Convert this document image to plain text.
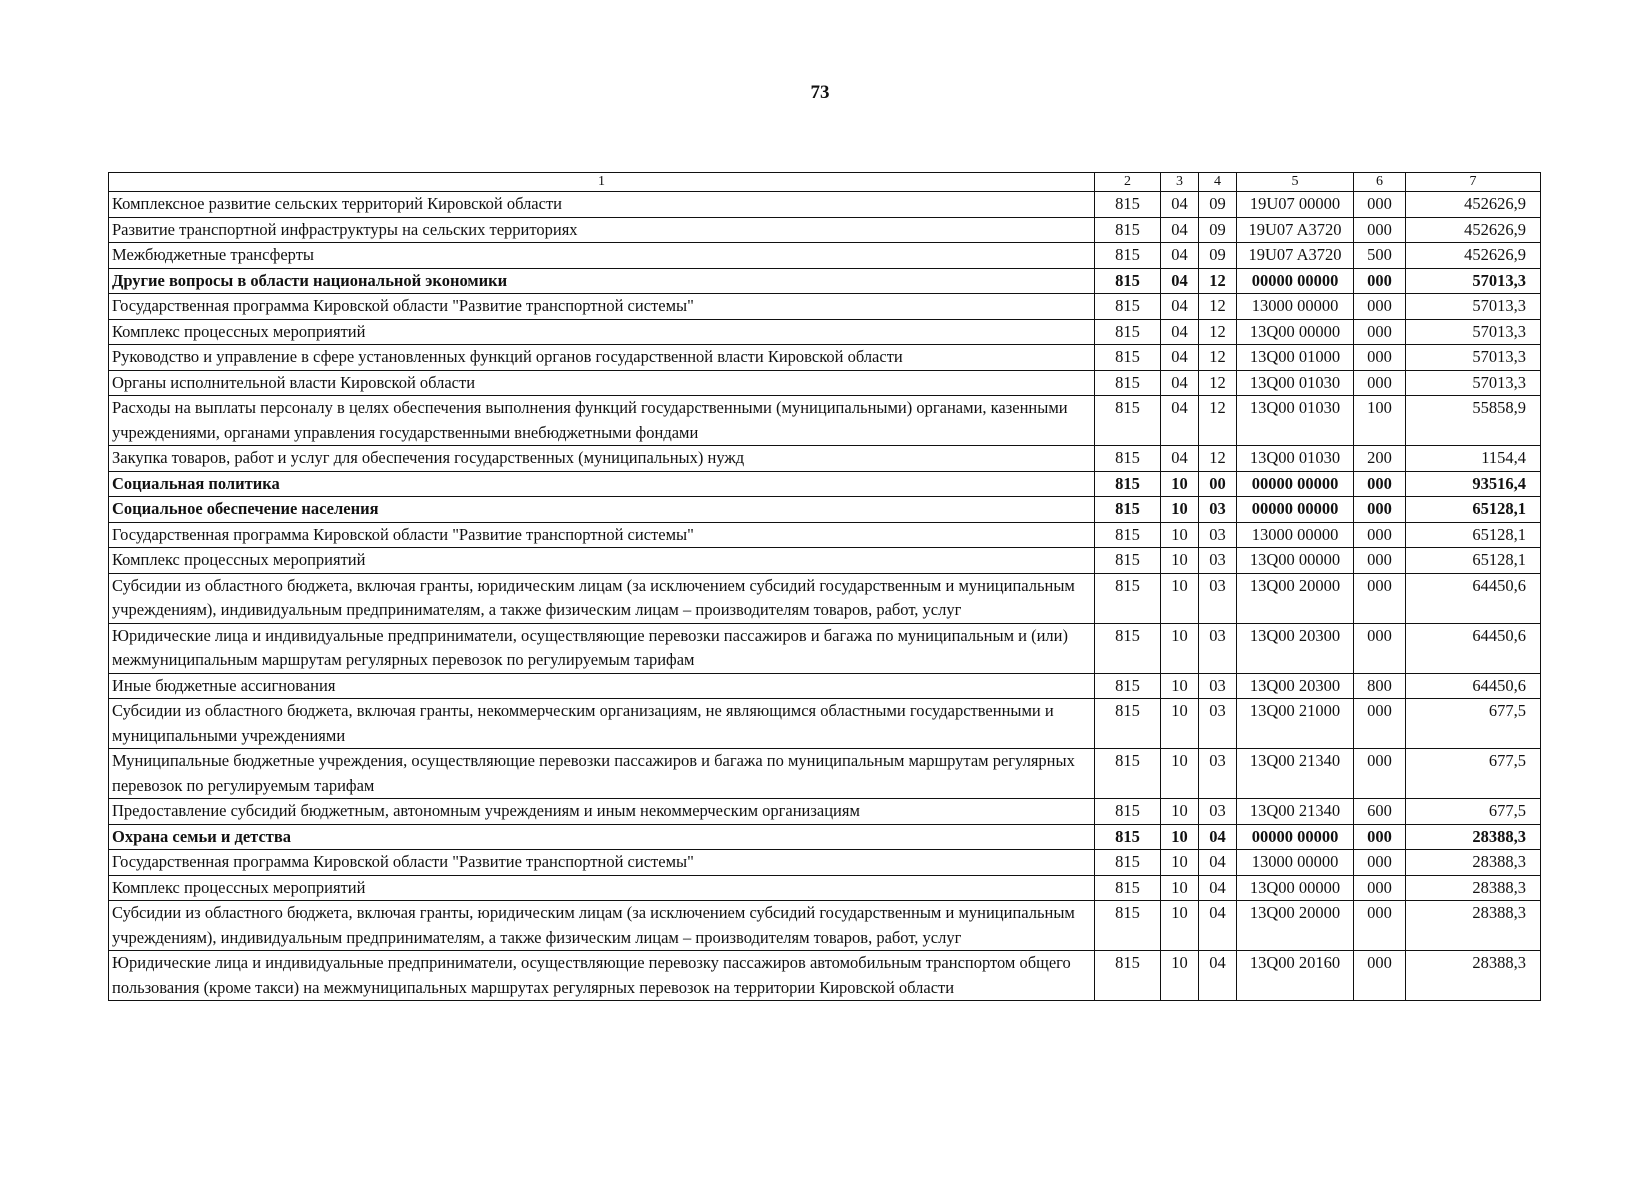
73
1	2	3	4	5	6	7
Комплексное развитие сельских территорий Кировской области	815	04	09	19U07 00000	000	452626,9
Развитие транспортной инфраструктуры на сельских территориях	815	04	09	19U07 A3720	000	452626,9
Межбюджетные трансферты	815	04	09	19U07 A3720	500	452626,9
Другие вопросы в области национальной экономики	815	04	12	00000 00000	000	57013,3
Государственная программа Кировской области "Развитие транспортной системы"	815	04	12	13000 00000	000	57013,3
Комплекс процессных мероприятий	815	04	12	13Q00 00000	000	57013,3
Руководство и управление в сфере установленных функций органов государственной власти Кировской области	815	04	12	13Q00 01000	000	57013,3
Органы исполнительной власти Кировской области	815	04	12	13Q00 01030	000	57013,3
Расходы на выплаты персоналу в целях обеспечения выполнения функций государственными (муниципальными) органами, казенными учреждениями, органами управления государственными внебюджетными фондами	815	04	12	13Q00 01030	100	55858,9
Закупка товаров, работ и услуг для обеспечения государственных (муниципальных) нужд	815	04	12	13Q00 01030	200	1154,4
Социальная политика	815	10	00	00000 00000	000	93516,4
Социальное обеспечение населения	815	10	03	00000 00000	000	65128,1
Государственная программа Кировской области "Развитие транспортной системы"	815	10	03	13000 00000	000	65128,1
Комплекс процессных мероприятий	815	10	03	13Q00 00000	000	65128,1
Субсидии из областного бюджета, включая гранты, юридическим лицам (за исключением субсидий государственным и муниципальным учреждениям), индивидуальным предпринимателям, а также физическим лицам – производителям товаров, работ, услуг	815	10	03	13Q00 20000	000	64450,6
Юридические лица и индивидуальные предприниматели, осуществляющие перевозки пассажиров и багажа по муниципальным и (или) межмуниципальным маршрутам регулярных перевозок по регулируемым тарифам	815	10	03	13Q00 20300	000	64450,6
Иные бюджетные ассигнования	815	10	03	13Q00 20300	800	64450,6
Субсидии из областного бюджета, включая гранты, некоммерческим организациям, не являющимся областными государственными и муниципальными учреждениями	815	10	03	13Q00 21000	000	677,5
Муниципальные бюджетные учреждения, осуществляющие перевозки пассажиров и багажа по муниципальным маршрутам регулярных перевозок по регулируемым тарифам	815	10	03	13Q00 21340	000	677,5
Предоставление субсидий бюджетным, автономным учреждениям и иным некоммерческим организациям	815	10	03	13Q00 21340	600	677,5
Охрана семьи и детства	815	10	04	00000 00000	000	28388,3
Государственная программа Кировской области "Развитие транспортной системы"	815	10	04	13000 00000	000	28388,3
Комплекс процессных мероприятий	815	10	04	13Q00 00000	000	28388,3
Субсидии из областного бюджета, включая гранты, юридическим лицам (за исключением субсидий государственным и муниципальным учреждениям), индивидуальным предпринимателям, а также физическим лицам – производителям товаров, работ, услуг	815	10	04	13Q00 20000	000	28388,3
Юридические лица и индивидуальные предприниматели, осуществляющие перевозку пассажиров автомобильным транспортом общего пользования (кроме такси) на межмуниципальных маршрутах регулярных перевозок на территории Кировской области	815	10	04	13Q00 20160	000	28388,3
